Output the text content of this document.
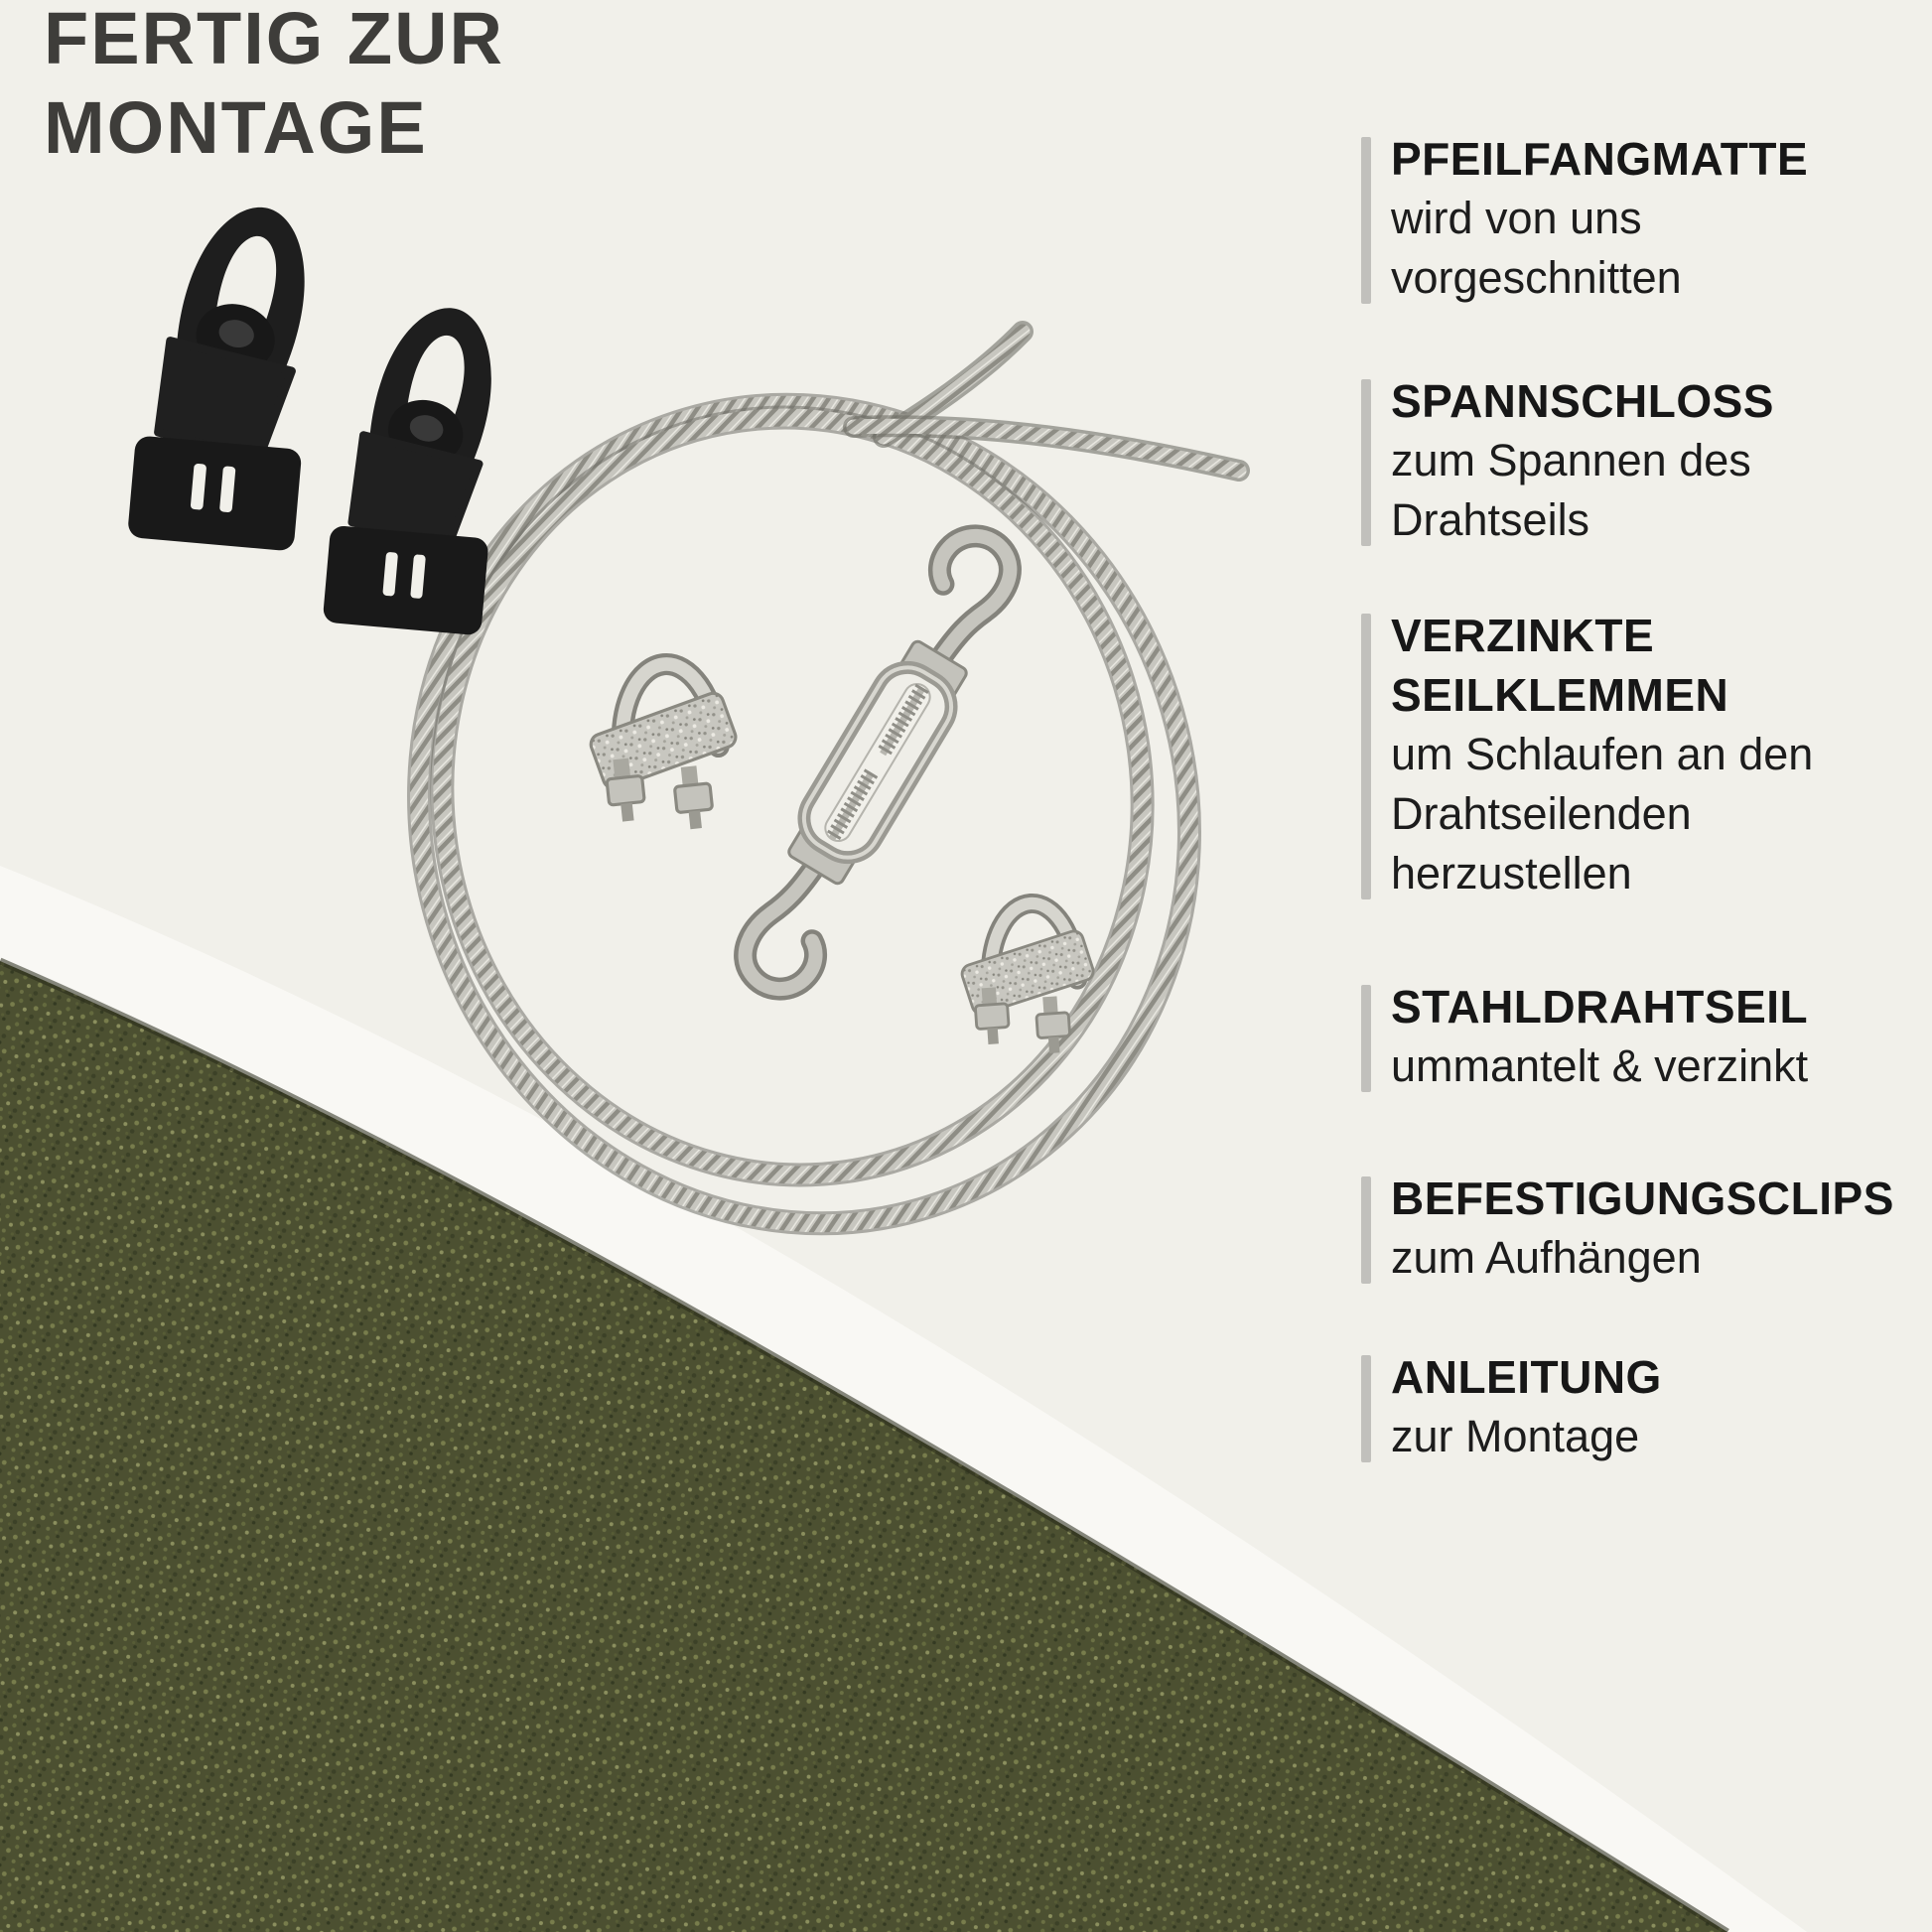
FERTIG ZUR
MONTAGE	PFEILFANGMATTE

wird von uns
vorgeschnitten

SPANNSCHLOSS

zum Spannen des
Drahtseils

VERZINKTE
SEILKLEMMEN

um Schlaufen an den
Drahtseilenden
herzustellen

STAHLDRAHTSEIL

ummantelt & verzinkt

BEFESTIGUNGSCLIPS

zum Aufhängen

ANLEITUNG

zur Montage
